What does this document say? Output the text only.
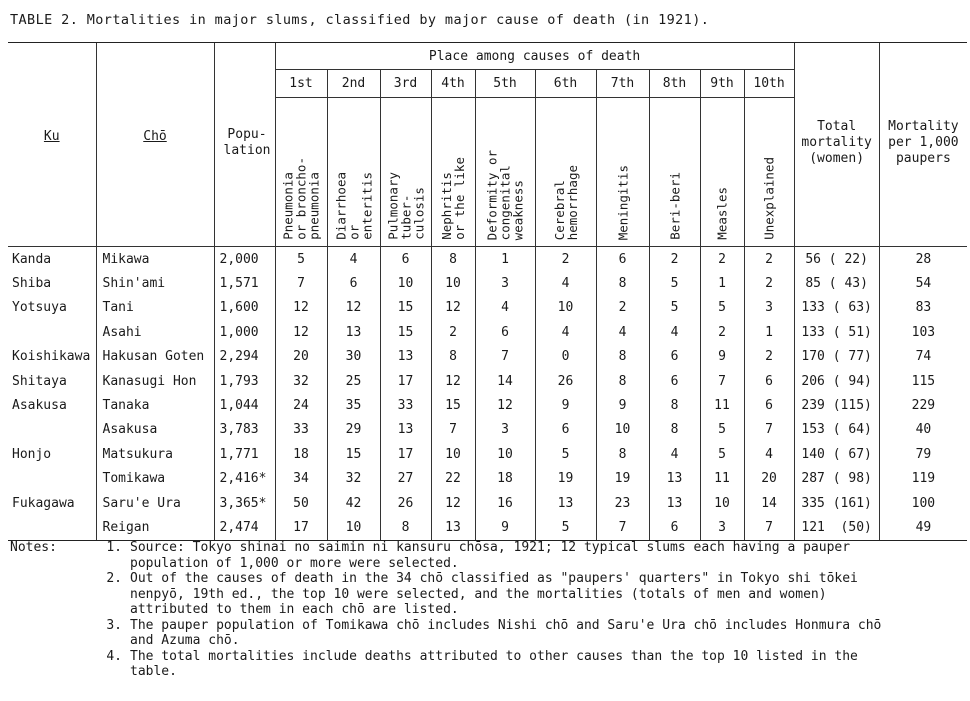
TABLE 2. Mortalities in major slums, classified by major cause of death (in 1921).
Ku	Chō	Popu- lation	Place among causes of death										Total mortality (women)	Mortality per 1,000 paupers
			1st	2nd	3rd	4th	5th	6th	7th	8th	9th	10th		

			Pneumonia
or broncho-
pneumonia	Diarrhoea
or
enteritis	Pulmonary
tuber-
culosis	Nephritis
or the like	Deformity or
congenital
weakness	Cerebral
hemorrhage	Meningitis	Beri-beri	Measles	Unexplained		

Kanda	Mikawa	2,000	5	4	6	8	1	2	6	2	2	2	56 ( 22)	28
Shiba	Shin'ami	1,571	7	6	10	10	3	4	8	5	1	2	85 ( 43)	54
Yotsuya	Tani	1,600	12	12	15	12	4	10	2	5	5	3	133 ( 63)	83
	Asahi	1,000	12	13	15	2	6	4	4	4	2	1	133 ( 51)	103
Koishikawa	Hakusan Goten	2,294	20	30	13	8	7	0	8	6	9	2	170 ( 77)	74
Shitaya	Kanasugi Hon	1,793	32	25	17	12	14	26	8	6	7	6	206 ( 94)	115
Asakusa	Tanaka	1,044	24	35	33	15	12	9	9	8	11	6	239 (115)	229
	Asakusa	3,783	33	29	13	7	3	6	10	8	5	7	153 ( 64)	40
Honjo	Matsukura	1,771	18	15	17	10	10	5	8	4	5	4	140 ( 67)	79
	Tomikawa	2,416*	34	32	27	22	18	19	19	13	11	20	287 ( 98)	119
Fukagawa	Saru'e Ura	3,365*	50	42	26	12	16	13	23	13	10	14	335 (161)	100
	Reigan	2,474	17	10	8	13	9	5	7	6	3	7	121  (50)	49
Notes:	1. Source: Tokyo shinai no saimin ni kansuru chōsa, 1921; 12 typical slums each having a pauper population of 1,000 or more were selected.
2. Out of the causes of death in the 34 chō classified as "paupers' quarters" in Tokyo shi tōkei nenpyō, 19th ed., the top 10 were selected, and the mortalities (totals of men and women) attributed to them in each chō are listed.
3. The pauper population of Tomikawa chō includes Nishi chō and Saru'e Ura chō includes Honmura chō and Azuma chō.
4. The total mortalities include deaths attributed to other causes than the top 10 listed in the table.
